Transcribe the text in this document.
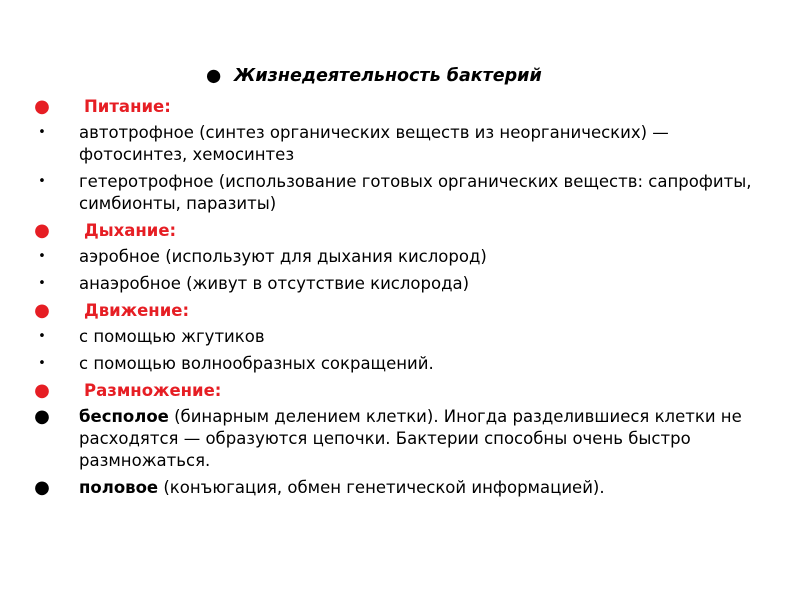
● Жизнедеятельность бактерий
● Питание:
•	автотрофное (синтез органических веществ из неорганических) — фотосинтез, хемосинтез
•	гетеротрофное (использование готовых органических веществ: сапрофиты, симбионты, паразиты)
● Дыхание:
•	аэробное (используют для дыхания кислород)
•	анаэробное (живут в отсутствие кислорода)
● Движение:
•	с помощью жгутиков
•	с помощью волнообразных сокращений.
● Размножение:
● бесполое (бинарным делением клетки). Иногда разделившиеся клетки не расходятся — образуются цепочки. Бактерии способны очень быстро размножаться.
● половое (конъюгация, обмен генетической информацией).
